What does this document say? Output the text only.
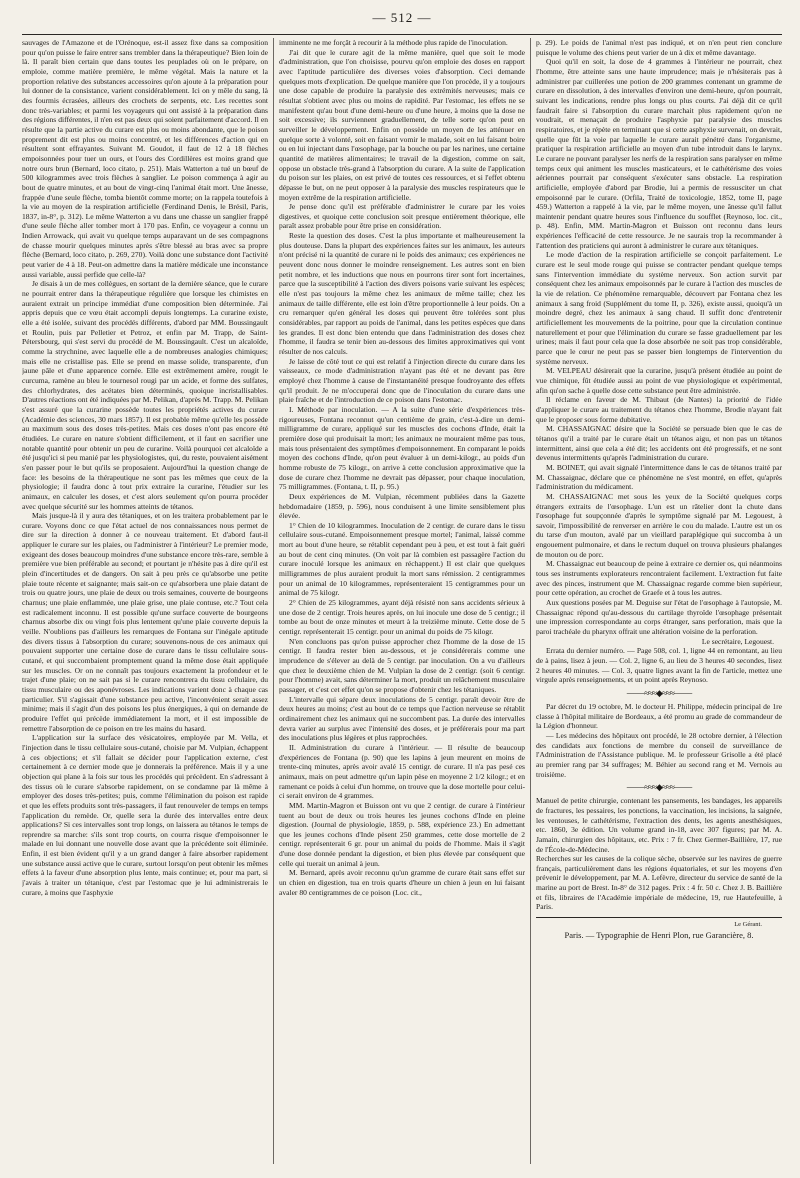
— 512 —

sauvages de l'Amazone et de l'Orénoque, est-il assez fixe dans sa composition pour qu'on puisse le faire entrer sans trembler dans la thérapeutique? Bien loin de là. Il paraît bien certain que dans toutes les peuplades où on le prépare, on emploie, comme matière première, le même végétal. Mais la nature et la proportion relative des substances accessoires qu'on ajoute à la préparation pour lui donner de la consistance, varient considérablement. Ici on y mêle du sang, là des fourmis écrasées, ailleurs des crochets de serpents, etc. Les recettes sont donc très-variables; et parmi les voyageurs qui ont assisté à la préparation dans des régions différentes, il n'en est pas deux qui soient parfaitement d'accord. Il en résulte que la partie active du curare est plus ou moins abondante, que le poison proprement dit est plus ou moins concentré, et les différences d'action qui en résultent sont effrayantes. Suivant M. Goudot, il faut de 12 à 18 flèches empoisonnées pour tuer un ours, et l'ours des Cordillères est moins grand que notre ours brun (Bernard, loco citato, p. 251). Mais Watterton a tué un bœuf de 500 kilogrammes avec trois flèches à sanglier. Le poison commença à agir au bout de quatre minutes, et au bout de vingt-cinq l'animal était mort. Une ânesse, frappée d'une seule flèche, tomba bientôt comme morte; on la rappela toutefois à la vie au moyen de la respiration artificielle (Ferdinand Denis, le Brésil, Paris, 1837, in-8°, p. 312). Le même Watterton a vu dans une chasse un sanglier frappé d'une seule flèche aller tomber mort à 170 pas. Enfin, ce voyageur a connu un Indien Arrowack, qui avait vu quelque temps auparavant un de ses compagnons de chasse mourir quelques minutes après s'être blessé au bras avec sa propre flèche (Bernard, loco citato, p. 269, 270). Voilà donc une substance dont l'activité peut varier de 4 à 18. Peut-on admettre dans la matière médicale une inconstance aussi variable, aussi perfide que celle-là?

Je disais à un de mes collègues, en sortant de la dernière séance, que le curare ne pourrait entrer dans la thérapeutique régulière que lorsque les chimistes en auraient extrait un principe immédiat d'une composition bien déterminée. J'ai appris depuis que ce vœu était accompli depuis longtemps. La curarine existe, elle a été isolée, suivant des procédés différents, d'abord par MM. Boussingault et Roulin, puis par Pelletier et Petroz, et enfin par M. Trapp, de Saint-Pétersbourg, qui s'est servi du procédé de M. Boussingault. C'est un alcaloïde, comme la strychnine, avec laquelle elle a de nombreuses analogies chimiques; mais elle ne cristallise pas. Elle se prend en masse solide, transparente, d'un jaune pâle et d'une apparence cornée. Elle est extrêmement amère, rougit le curcuma, ramène au bleu le tournesol rougi par un acide, et forme des sulfates, des chlorhydrates, des acétates bien déterminés, quoique incristallisables. D'autres réactions ont été indiquées par M. Pelikan, d'après M. Trapp. M. Pelikan s'est assuré que la curarine possède toutes les propriétés actives du curare (Académie des sciences, 30 mars 1857). Il est probable même qu'elle les possède au maximum sous des doses très-petites. Mais ces doses n'ont pas encore été étudiées. Le curare en nature s'obtient difficilement, et il faut en sacrifier une notable quantité pour obtenir un peu de curarine. Voilà pourquoi cet alcaloïde a été jusqu'ici si peu manié par les physiologistes, qui, du reste, pouvaient aisément s'en passer pour le but qu'ils se proposaient. Aujourd'hui la question change de face: les besoins de la thérapeutique ne sont pas les mêmes que ceux de la physiologie; il faudra donc à tout prix extraire la curarine, l'étudier sur les animaux, en calculer les doses, et c'est alors seulement qu'on pourra procéder avec quelque sécurité sur les hommes atteints de tétanos.

Mais jusque-là il y aura des tétaniques, et on les traitera probablement par le curare. Voyons donc ce que l'état actuel de nos connaissances nous permet de dire sur la direction à donner à ce nouveau traitement. Et d'abord faut-il appliquer le curare sur les plaies, ou l'administrer à l'intérieur? Le premier mode, exigeant des doses beaucoup moindres d'une substance encore très-rare, semble à première vue bien préférable au second; et pourtant je n'hésite pas à dire qu'il est plein d'incertitudes et de dangers. On sait à peu près ce qu'absorbe une petite plaie toute récente et saignante; mais sait-on ce qu'absorbera une plaie datant de trois ou quatre jours, une plaie de deux ou trois semaines, couverte de bourgeons charnus; une plaie enflammée, une plaie grise, une plaie contuse, etc.? Tout cela est radicalement inconnu. Il est possible qu'une surface couverte de bourgeons charnus absorbe dix ou vingt fois plus lentement qu'une plaie couverte depuis la veille. N'oublions pas d'ailleurs les remarques de Fontana sur l'inégale aptitude des divers tissus à l'absorption du curare; souvenons-nous de ces animaux qui pouvaient supporter une certaine dose de curare dans le tissu cellulaire sous-cutané, et qui succombaient promptement quand la même dose était appliquée sur les muscles. Or on ne connaît pas toujours exactement la profondeur et le trajet d'une plaie; on ne sait pas si le curare rencontrera du tissu cellulaire, du tissu musculaire ou des aponévroses. Les indications varient donc à chaque cas particulier. S'il s'agissait d'une substance peu active, l'inconvénient serait assez minime; mais il s'agit d'un des poisons les plus énergiques, à qui on demande de produire l'effet qui précède immédiatement la mort, et il est impossible de remettre l'absorption de ce poison en tre les mains du hasard.

L'application sur la surface des vésicatoires, employée par M. Vella, et l'injection dans le tissu cellulaire sous-cutané, choisie par M. Vulpian, échappent à ces objections; et s'il fallait se décider pour l'application externe, c'est certainement à ce dernier mode que je donnerais la préférence. Mais il y a une objection qui plane à la fois sur tous les procédés qui précèdent. En s'adressant à des tissus où le curare s'absorbe rapidement, on se condamne par là même à employer des doses très-petites; puis, comme l'élimination du poison est rapide et que les effets produits sont très-passagers, il faut renouveler de temps en temps l'application du remède. Or, quelle sera la durée des intervalles entre deux applications? Si ces intervalles sont trop longs, on laissera au tétanos le temps de reprendre sa marche: s'ils sont trop courts, on courra risque d'empoisonner le malade en lui donnant une nouvelle dose avant que la précédente soit éliminée. Enfin, il est bien évident qu'il y a un grand danger à faire absorber rapidement une substance aussi active que le curare, surtout lorsqu'on peut obtenir les mêmes effets à la faveur d'une absorption plus lente, mais continue; et, pour ma part, si j'avais à traiter un tétanique, c'est par l'estomac que je lui administrerais le curare, à moins que l'asphyxie

imminente ne me forçât à recourir à la méthode plus rapide de l'inoculation.

J'ai dit que le curare agit de la même manière, quel que soit le mode d'administration, que l'on choisisse, pourvu qu'on emploie des doses en rapport avec l'aptitude particulière des diverses voies d'absorption. Ceci demande quelques mots d'explication. De quelque manière que l'on procède, il y a toujours une dose capable de produire la paralysie des extrémités nerveuses; mais ce résultat s'obtient avec plus ou moins de rapidité. Par l'estomac, les effets ne se manifestent qu'au bout d'une demi-heure ou d'une heure, à moins que la dose ne soit excessive; ils surviennent graduellement, de telle sorte qu'on peut en surveiller le développement. Enfin on possède un moyen de les atténuer en quelque sorte à volonté, soit en faisant vomir le malade, soit en lui faisant boire ou en lui injectant dans l'œsophage, par la bouche ou par les narines, une certaine quantité de matières alimentaires; le travail de la digestion, comme on sait, oppose un obstacle très-grand à l'absorption du curare. A la suite de l'application du poison sur les plaies, on est privé de toutes ces ressources, et si l'effet obtenu dépasse le but, on ne peut opposer à la paralysie des muscles respirateurs que le moyen extrême de la respiration artificielle.

Je pense donc qu'il est préférable d'administrer le curare par les voies digestives, et quoique cette conclusion soit presque entièrement théorique, elle paraît assez probable pour être prise en considération.

Reste la question des doses. C'est la plus importante et malheureusement la plus douteuse. Dans la plupart des expériences faites sur les animaux, les auteurs n'ont précisé ni la quantité de curare ni le poids des animaux; ces expériences ne peuvent donc nous donner le moindre renseignement. Les autres sont en bien petit nombre, et les inductions que nous en pourrons tirer sont fort incertaines, parce que la susceptibilité à l'action des divers poisons varie suivant les espèces; elle n'est pas toujours la même chez les animaux de même taille; chez les animaux de taille différente, elle est loin d'être proportionnelle à leur poids. On a cru remarquer qu'en général les doses qui peuvent être tolérées sont plus considérables, par rapport au poids de l'animal, dans les petites espèces que dans les grandes. Il est donc bien entendu que dans l'administration des doses chez l'homme, il faudra se tenir bien au-dessous des limites approximatives qui vont résulter de nos calculs.

Je laisse de côté tout ce qui est relatif à l'injection directe du curare dans les vaisseaux, ce mode d'administration n'ayant pas été et ne devant pas être employé chez l'homme à cause de l'instantanéité presque foudroyante des effets qu'il produit. Je ne m'occuperai donc que de l'inoculation du curare dans une plaie fraîche et de l'introduction de ce poison dans l'estomac.

I. Méthode par inoculation. — A la suite d'une série d'expériences très-rigoureuses, Fontana reconnut qu'un centième de grain, c'est-à-dire un demi-milligramme de curare, appliqué sur les muscles des cochons d'Inde, était la première dose qui produisait la mort; les animaux ne mouraient même pas tous, mais tous présentaient des symptômes d'empoisonnement. En comparant le poids moyen des cochons d'Inde, qu'on peut évaluer à un demi-kilogr., au poids d'un homme robuste de 75 kilogr., on arrive à cette conclusion approximative que la dose de curare chez l'homme ne devrait pas dépasser, pour chaque inoculation, 75 milligrammes. (Fontana, t. II, p. 95.)

Deux expériences de M. Vulpian, récemment publiées dans la Gazette hebdomadaire (1859, p. 596), nous conduisent à une limite sensiblement plus élevée.

1° Chien de 10 kilogrammes. Inoculation de 2 centigr. de curare dans le tissu cellulaire sous-cutané. Empoisonnement presque mortel; l'animal, laissé comme mort au bout d'une heure, se rétablit cependant peu à peu, et est tout à fait guéri au bout de cent cinq minutes. (On voit par là combien est passagère l'action du curare inoculé lorsque les animaux en réchappent.) Il est clair que quelques milligrammes de plus auraient produit la mort sans rémission. 2 centigrammes pour un animal de 10 kilogrammes, représenteraient 15 centigrammes pour un animal de 75 kilogr.

2° Chien de 25 kilogrammes, ayant déjà résisté non sans accidents sérieux à une dose de 2 centigr. Trois heures après, on lui inocule une dose de 5 centigr.; il tombe au bout de onze minutes et meurt à la treizième minute. Cette dose de 5 centigr. représenterait 15 centigr. pour un animal du poids de 75 kilogr.

N'en concluons pas qu'on puisse approcher chez l'homme de la dose de 15 centigr. Il faudra rester bien au-dessous, et je considérerais comme une imprudence de s'élever au delà de 5 centigr. par inoculation. On a vu d'ailleurs que chez le deuxième chien de M. Vulpian la dose de 2 centigr. (soit 6 centigr. pour l'homme) avait, sans déterminer la mort, produit un relâchement musculaire passager, et c'est cet effet qu'on se propose d'obtenir chez les tétaniques.

L'intervalle qui sépare deux inoculations de 5 centigr. paraît devoir être de deux heures au moins; c'est au bout de ce temps que l'action nerveuse se rétablit ordinairement chez les animaux qui ne succombent pas. La durée des intervalles devra varier au surplus avec l'intensité des doses, et je préférerais pour ma part des inoculations plus légères et plus rapprochées.

II. Administration du curare à l'intérieur. — Il résulte de beaucoup d'expériences de Fontana (p. 90) que les lapins à jeun meurent en moins de trente-cinq minutes, après avoir avalé 15 centigr. de curare. Il n'a pas pesé ces animaux, mais on peut admettre qu'un lapin pèse en moyenne 2 1/2 kilogr.; et en ramenant ce poids à celui d'un homme, on trouve que la dose mortelle pour celui-ci serait environ de 4 grammes.

MM. Martin-Magron et Buisson ont vu que 2 centigr. de curare à l'intérieur tuent au bout de deux ou trois heures les jeunes cochons d'Inde en pleine digestion. (Journal de physiologie, 1859, p. 588, expérience 23.) En admettant que les jeunes cochons d'Inde pèsent 250 grammes, cette dose mortelle de 2 centigr. représenterait 6 gr. pour un animal du poids de l'homme. Mais il s'agit d'une dose donnée pendant la digestion, et bien plus élevée par conséquent que celle qui tuerait un animal à jeun.

M. Bernard, après avoir reconnu qu'un gramme de curare était sans effet sur un chien en digestion, tua en trois quarts d'heure un chien à jeun en lui faisant avaler 80 centigrammes de ce poison (Loc. cit.,

p. 29). Le poids de l'animal n'est pas indiqué, et on n'en peut rien conclure puisque le volume des chiens peut varier de un à dix et même davantage.

Quoi qu'il en soit, la dose de 4 grammes à l'intérieur ne pourrait, chez l'homme, être atteinte sans une haute imprudence; mais je n'hésiterais pas à administrer par cuillerées une potion de 200 grammes contenant un gramme de curare en dissolution, à des intervalles d'environ une demi-heure, qu'on pourrait, suivant les indications, rendre plus longs ou plus courts. J'ai déjà dit ce qu'il faudrait faire si l'absorption du curare marchait plus rapidement qu'on ne voudrait, et menaçait de produire l'asphyxie par paralysie des muscles respiratoires, et je répète en terminant que si cette asphyxie survenait, on devrait, quelle que fût la voie par laquelle le curare aurait pénétré dans l'organisme, pratiquer la respiration artificielle au moyen d'un tube introduit dans le larynx. Le curare ne pouvant paralyser les nerfs de la respiration sans paralyser en même temps ceux qui animent les muscles masticateurs, et le cathétérisme des voies aériennes pourrait par conséquent s'exécuter sans obstacle. La respiration artificielle, employée d'abord par Brodie, lui a permis de ressusciter un chat empoisonné par le curare. (Orfila, Traité de toxicologie, 1852, tome II, page 459.) Watterton a rappelé à la vie, par le même moyen, une ânesse qu'il fallut maintenir pendant quatre heures sous l'influence du soufflet (Reynoso, loc. cit., p. 48). Enfin, MM. Martin-Magron et Buisson ont reconnu dans leurs expériences l'efficacité de cette ressource. Je ne saurais trop la recommander à l'attention des praticiens qui auront à administrer le curare aux tétaniques.

Le mode d'action de la respiration artificielle se conçoit parfaitement. Le curare est le seul mode rouge qui puisse se contracter pendant quelque temps sans l'intervention immédiate du système nerveux. Son action survit par conséquent chez les animaux empoisonnés par le curare à l'action des muscles de la vie de relation. Ce phénomène remarquable, découvert par Fontana chez les animaux à sang froid (Supplément du tome II, p. 326), existe aussi, quoiqu'à un moindre degré, chez les animaux à sang chaud. Il suffit donc d'entretenir artificiellement les mouvements de la poitrine, pour que la circulation continue naturellement et pour que l'élimination du curare se fasse graduellement par les urines; mais il faut pour cela que la dose absorbée ne soit pas trop considérable, parce que le cœur ne peut pas se passer bien longtemps de l'intervention du système nerveux.

M. VELPEAU désirerait que la curarine, jusqu'à présent étudiée au point de vue chimique, fût étudiée aussi au point de vue physiologique et expérimental, afin qu'on sache à quelle dose cette substance peut être administrée.

Il réclame en faveur de M. Thibaut (de Nantes) la priorité de l'idée d'appliquer le curare au traitement du tétanos chez l'homme, Brodie n'ayant fait que le proposer sous forme dubitative.

M. CHASSAIGNAC désire que la Société se persuade bien que le cas de tétanos qu'il a traité par le curare était un tétanos aigu, et non pas un tétanos intermittent, ainsi que cela a été dit; les accidents ont été progressifs, et ne sont devenus intermittents qu'après l'administration du curare.

M. BOINET, qui avait signalé l'intermittence dans le cas de tétanos traité par M. Chassaignac, déclare que ce phénomène ne s'est montré, en effet, qu'après l'administration du médicament.

M. CHASSAIGNAC met sous les yeux de la Société quelques corps étrangers extraits de l'œsophage. L'un est un râtelier dont la chute dans l'œsophage fut soupçonnée d'après le symptôme signalé par M. Legouest, à savoir, l'impossibilité de renverser en arrière le cou du malade. L'autre est un os du tarse d'un mouton, avalé par un vieillard paraplégique qui succomba à un engouement pulmonaire, et dans le rectum duquel on trouva plusieurs phalanges de mouton ou de porc.

M. Chassaignac eut beaucoup de peine à extraire ce dernier os, qui néanmoins tous ses instruments explorateurs rencontraient facilement. L'extraction fut faite avec des pinces, instrument que M. Chassaignac regarde comme bien supérieur, pour cette opération, au crochet de Graefe et à tous les autres.

Aux questions posées par M. Deguise sur l'état de l'œsophage à l'autopsie, M. Chassaignac répond qu'au-dessous du cartilage thyroïde l'œsophage présentait une impression correspondante au corps étranger, sans perforation, mais que la paroi trachéale du pharynx offrait une altération voisine de la perforation.

Le secrétaire, Legouest.

Errata du dernier numéro. — Page 508, col. 1, ligne 44 en remontant, au lieu de à pains, lisez à jeun. — Col. 2, ligne 6, au lieu de 3 heures 40 secondes, lisez 2 heures 40 minutes. — Col. 3, quatre lignes avant la fin de l'article, mettez une virgule après renseignements, et un point après Reynoso.

⎯⎯⎯⎯⎯≈≈≈◆≈≈≈⎯⎯⎯⎯⎯

Par décret du 19 octobre, M. le docteur H. Philippe, médecin principal de 1re classe à l'hôpital militaire de Bordeaux, a été promu au grade de commandeur de la Légion d'honneur.

— Les médecins des hôpitaux ont procédé, le 28 octobre dernier, à l'élection des candidats aux fonctions de membre du conseil de surveillance de l'Administration de l'Assistance publique. M. le professeur Grisolle a été placé au premier rang par 34 suffrages; M. Béhier au second rang et M. Vernois au troisième.

⎯⎯⎯⎯⎯≈≈≈◆≈≈≈⎯⎯⎯⎯⎯

Manuel de petite chirurgie, contenant les pansements, les bandages, les appareils de fractures, les pessaires, les ponctions, la vaccination, les incisions, la saignée, les ventouses, le cathétérisme, l'extraction des dents, les agents anesthésiques, etc. 1860, 3e édition. Un volume grand in-18, avec 307 figures; par M. A. Jamain, chirurgien des hôpitaux, etc. Prix : 7 fr. Chez Germer-Baillière, 17, rue de l'École-de-Médecine.

Recherches sur les causes de la colique sèche, observée sur les navires de guerre français, particulièrement dans les régions équatoriales, et sur les moyens d'en prévenir le développement, par M. A. Lefèvre, directeur du service de santé de la marine au port de Brest. In-8° de 312 pages. Prix : 4 fr. 50 c. Chez J. B. Baillière et fils, libraires de l'Académie impériale de médecine, 19, rue Hautefeuille, à Paris.

Le Gérant.
Paris. — Typographie de Henri Plon, rue Garancière, 8.
